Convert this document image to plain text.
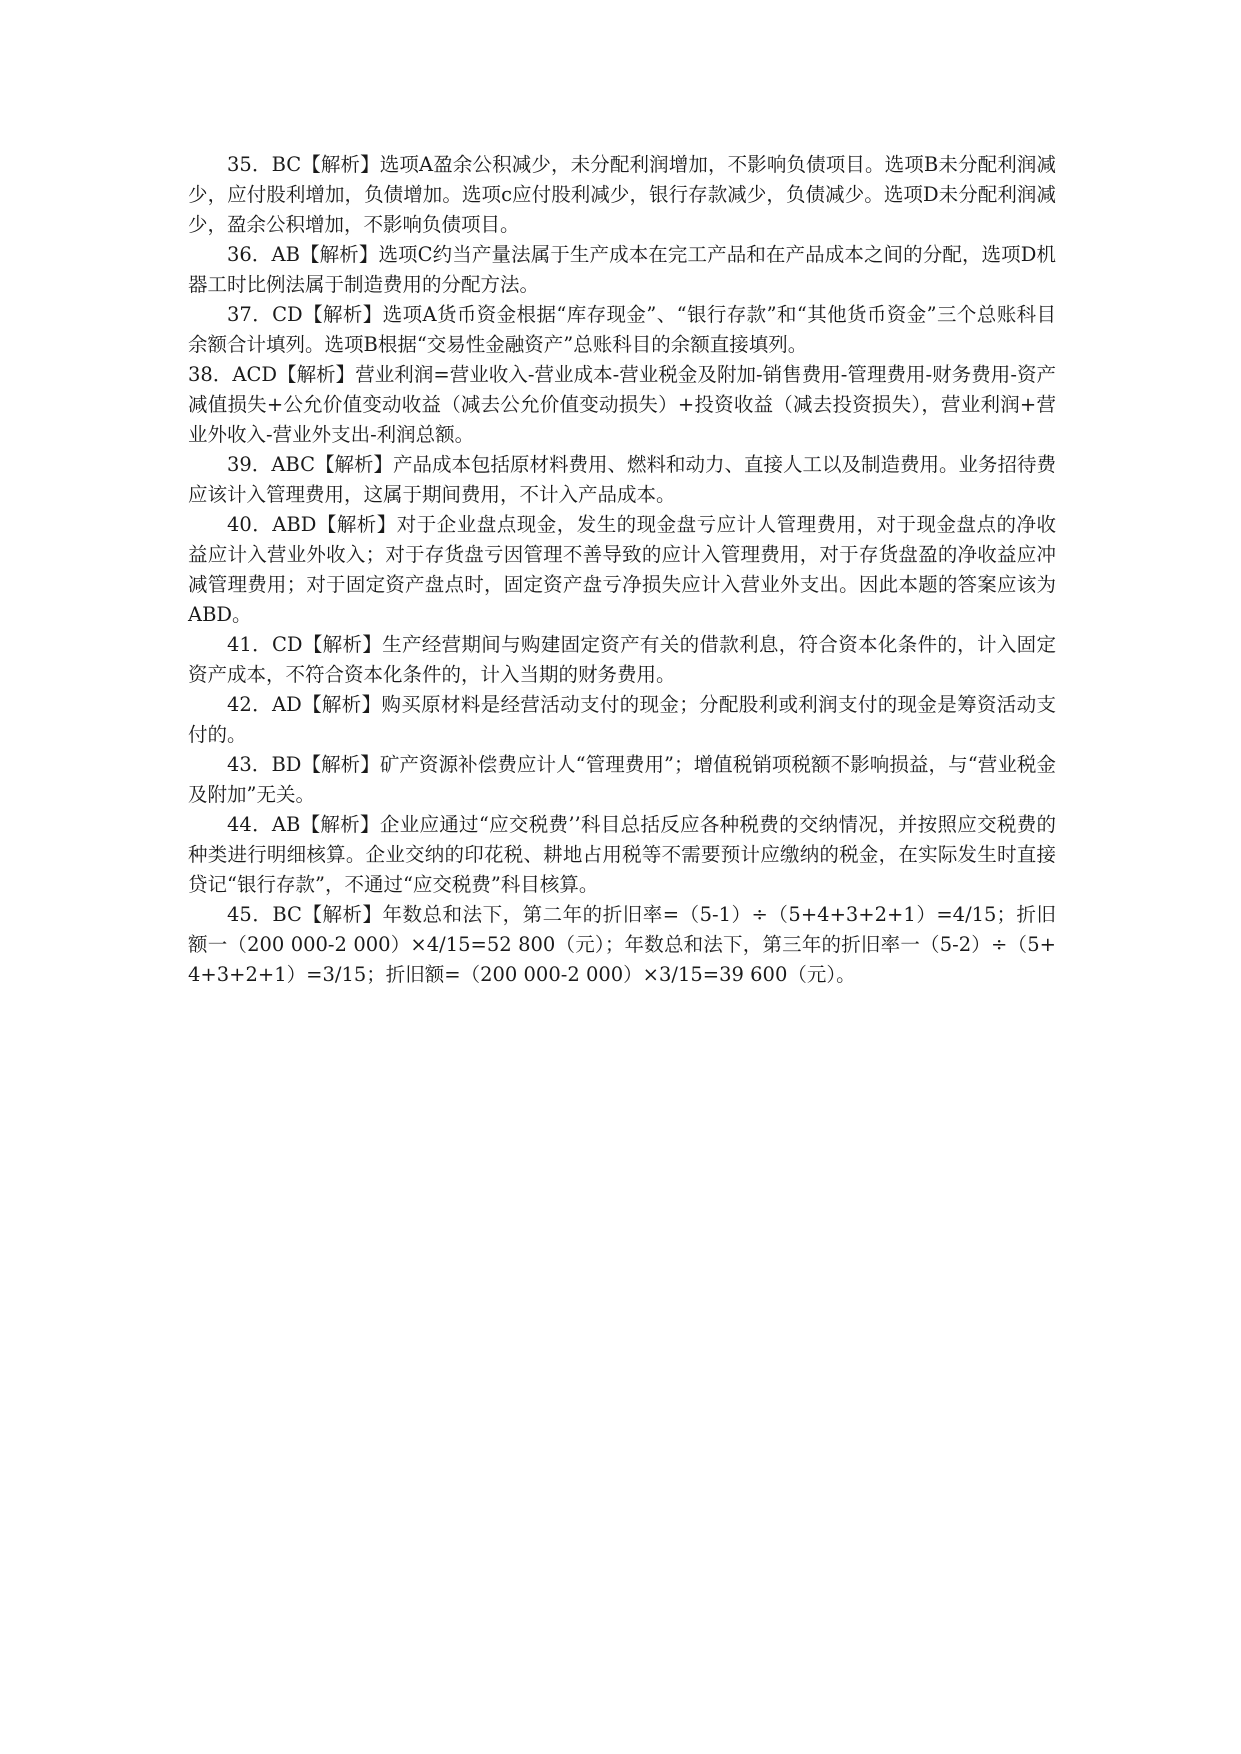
35．BC【解析】选项A盈余公积减少，未分配利润增加，不影响负债项目。选项B未分配利润减少，应付股利增加，负债增加。选项c应付股利减少，银行存款减少，负债减少。选项D未分配利润减少，盈余公积增加，不影响负债项目。

36．AB【解析】选项C约当产量法属于生产成本在完工产品和在产品成本之间的分配，选项D机器工时比例法属于制造费用的分配方法。

37．CD【解析】选项A货币资金根据“库存现金”、“银行存款”和“其他货币资金”三个总账科目余额合计填列。选项B根据“交易性金融资产”总账科目的余额直接填列。

38．ACD【解析】营业利润=营业收入-营业成本-营业税金及附加-销售费用-管理费用-财务费用-资产减值损失+公允价值变动收益（减去公允价值变动损失）+投资收益（减去投资损失），营业利润+营业外收入-营业外支出-利润总额。

39．ABC【解析】产品成本包括原材料费用、燃料和动力、直接人工以及制造费用。业务招待费应该计入管理费用，这属于期间费用，不计入产品成本。

40．ABD【解析】对于企业盘点现金，发生的现金盘亏应计人管理费用，对于现金盘点的净收益应计入营业外收入；对于存货盘亏因管理不善导致的应计入管理费用，对于存货盘盈的净收益应冲减管理费用；对于固定资产盘点时，固定资产盘亏净损失应计入营业外支出。因此本题的答案应该为ABD。

41．CD【解析】生产经营期间与购建固定资产有关的借款利息，符合资本化条件的，计入固定资产成本，不符合资本化条件的，计入当期的财务费用。

42．AD【解析】购买原材料是经营活动支付的现金；分配股利或利润支付的现金是筹资活动支付的。

43．BD【解析】矿产资源补偿费应计人“管理费用”；增值税销项税额不影响损益，与“营业税金及附加”无关。

44．AB【解析】企业应通过“应交税费’’科目总括反应各种税费的交纳情况，并按照应交税费的种类进行明细核算。企业交纳的印花税、耕地占用税等不需要预计应缴纳的税金，在实际发生时直接贷记“银行存款”，不通过“应交税费”科目核算。

45．BC【解析】年数总和法下，第二年的折旧率=（5-1）÷（5+4+3+2+1）=4/15；折旧额一（200 000-2 000）×4/15=52 800（元）；年数总和法下，第三年的折旧率一（5-2）÷（5+4+3+2+1）=3/15；折旧额=（200 000-2 000）×3/15=39 600（元）。
